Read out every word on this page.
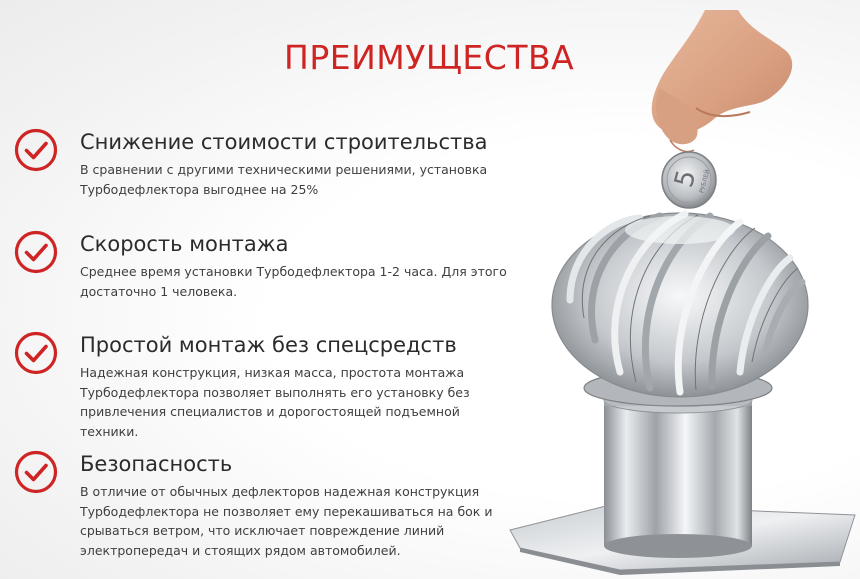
ПРЕИМУЩЕСТВА
Снижение стоимости строительства

В сравнении с другими техническими решениями, установка
Турбодефлектора выгоднее на 25%

Скорость монтажа

Среднее время установки Турбодефлектора 1-2 часа. Для этого
достаточно 1 человека.

Простой монтаж без спецсредств

Надежная конструкция, низкая масса, простота монтажа
Турбодефлектора позволяет выполнять его установку без
привлечения специалистов и дорогостоящей подъемной техники.

Безопасность

В отличие от обычных дефлекторов надежная конструкция
Турбодефлектора не позволяет ему перекашиваться на бок и
срываться ветром, что исключает повреждение линий
электропередач и стоящих рядом автомобилей.

5
РУБЛЕЙ
